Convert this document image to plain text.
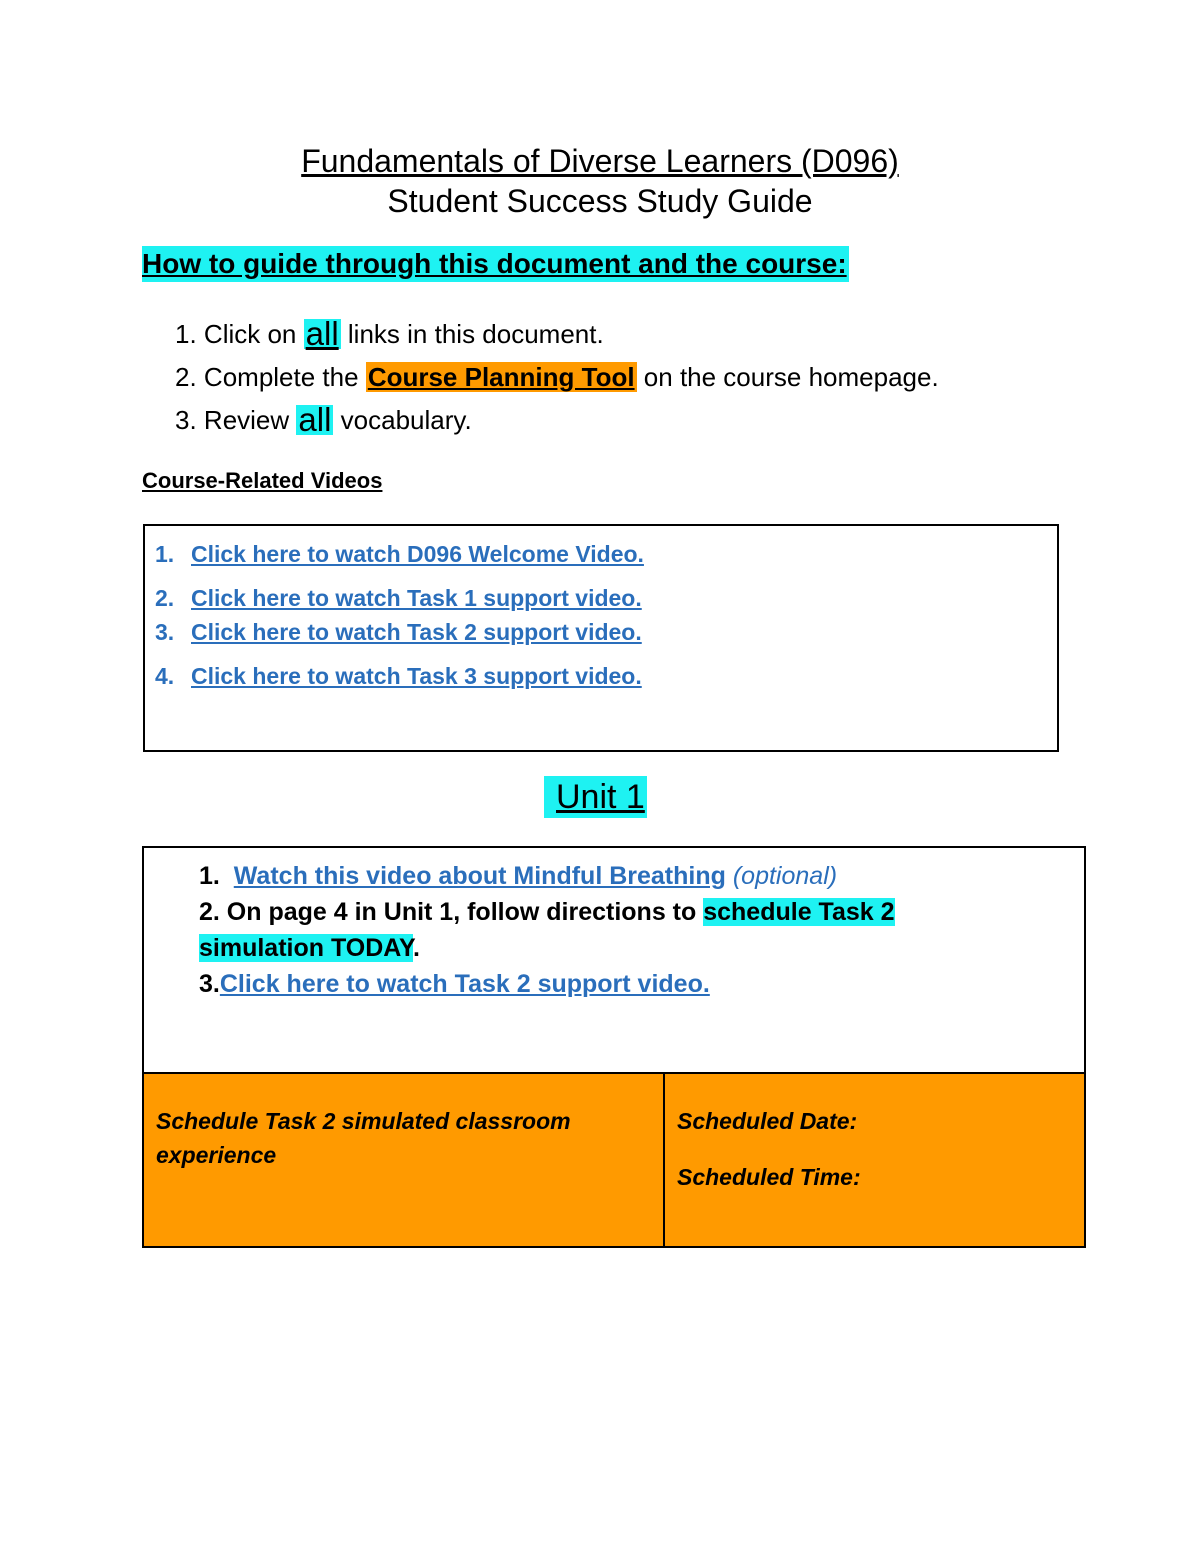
Fundamentals of Diverse Learners (D096)
Student Success Study Guide
How to guide through this document and the course:
1.
Click on
all
links in this document.
2.
Complete the
Course Planning Tool
on the course homepage.
3.
Review
all
vocabulary.
Course-Related Videos
1. Click here to watch D096 Welcome Video.
2. Click here to watch Task 1 support video.
3. Click here to watch Task 2 support video.
4. Click here to watch Task 3 support video.
Unit 1
1. Watch this video about Mindful Breathing (optional)
2. On page 4 in Unit 1, follow directions to schedule Task 2
simulation TODAY.
3.Click here to watch Task 2 support video.
Schedule Task 2 simulated classroom experience
Scheduled Date:
Scheduled Time:
